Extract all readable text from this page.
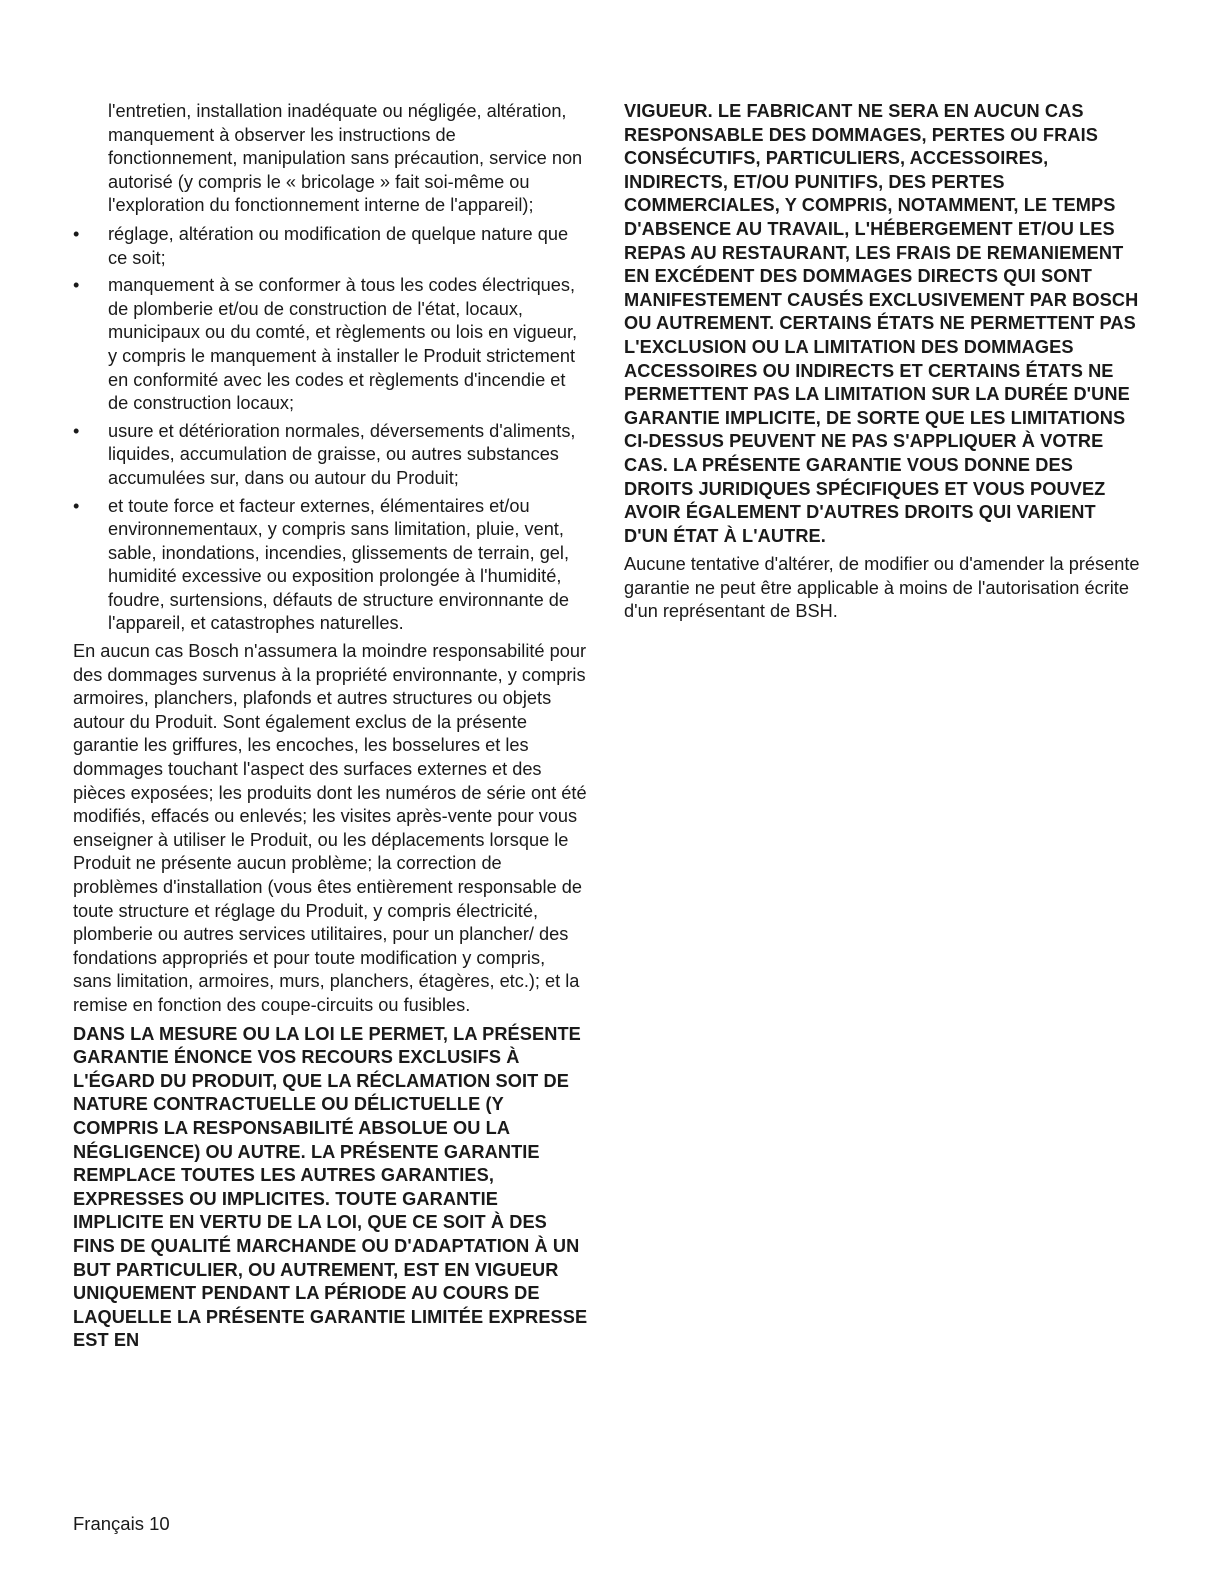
l'entretien, installation inadéquate ou négligée, altération, manquement à observer les instructions de fonctionnement, manipulation sans précaution, service non autorisé (y compris le « bricolage » fait soi-même ou l'exploration du fonctionnement interne de l'appareil);

•	réglage, altération ou modification de quelque nature que ce soit;
•	manquement à se conformer à tous les codes électriques, de plomberie et/ou de construction de l'état, locaux, municipaux ou du comté, et règlements ou lois en vigueur, y compris le manquement à installer le Produit strictement en conformité avec les codes et règlements d'incendie et de construction locaux;
•	usure et détérioration normales, déversements d'aliments, liquides, accumulation de graisse, ou autres substances accumulées sur, dans ou autour du Produit;
•	et toute force et facteur externes, élémentaires et/ou environnementaux, y compris sans limitation, pluie, vent, sable, inondations, incendies, glissements de terrain, gel, humidité excessive ou exposition prolongée à l'humidité, foudre, surtensions, défauts de structure environnante de l'appareil, et catastrophes naturelles.

En aucun cas Bosch n'assumera la moindre responsabilité pour des dommages survenus à la propriété environnante, y compris armoires, planchers, plafonds et autres structures ou objets autour du Produit. Sont également exclus de la présente garantie les griffures, les encoches, les bosselures et les dommages touchant l'aspect des surfaces externes et des pièces exposées; les produits dont les numéros de série ont été modifiés, effacés ou enlevés; les visites après-vente pour vous enseigner à utiliser le Produit, ou les déplacements lorsque le Produit ne présente aucun problème; la correction de problèmes d'installation (vous êtes entièrement responsable de toute structure et réglage du Produit, y compris électricité, plomberie ou autres services utilitaires, pour un plancher/ des fondations appropriés et pour toute modification y compris, sans limitation, armoires, murs, planchers, étagères, etc.); et la remise en fonction des coupe-circuits ou fusibles.

DANS LA MESURE OU LA LOI LE PERMET, LA PRÉSENTE GARANTIE ÉNONCE VOS RECOURS EXCLUSIFS À L'ÉGARD DU PRODUIT, QUE LA RÉCLAMATION SOIT DE NATURE CONTRACTUELLE OU DÉLICTUELLE (Y COMPRIS LA RESPONSABILITÉ ABSOLUE OU LA NÉGLIGENCE) OU AUTRE. LA PRÉSENTE GARANTIE REMPLACE TOUTES LES AUTRES GARANTIES, EXPRESSES OU IMPLICITES. TOUTE GARANTIE IMPLICITE EN VERTU DE LA LOI, QUE CE SOIT À DES FINS DE QUALITÉ MARCHANDE OU D'ADAPTATION À UN BUT PARTICULIER, OU AUTREMENT, EST EN VIGUEUR UNIQUEMENT PENDANT LA PÉRIODE AU COURS DE LAQUELLE LA PRÉSENTE GARANTIE LIMITÉE EXPRESSE EST EN

VIGUEUR. LE FABRICANT NE SERA EN AUCUN CAS RESPONSABLE DES DOMMAGES, PERTES OU FRAIS CONSÉCUTIFS, PARTICULIERS, ACCESSOIRES, INDIRECTS, ET/OU PUNITIFS, DES PERTES COMMERCIALES, Y COMPRIS, NOTAMMENT, LE TEMPS D'ABSENCE AU TRAVAIL, L'HÉBERGEMENT ET/OU LES REPAS AU RESTAURANT, LES FRAIS DE REMANIEMENT EN EXCÉDENT DES DOMMAGES DIRECTS QUI SONT MANIFESTEMENT CAUSÉS EXCLUSIVEMENT PAR BOSCH OU AUTREMENT. CERTAINS ÉTATS NE PERMETTENT PAS L'EXCLUSION OU LA LIMITATION DES DOMMAGES ACCESSOIRES OU INDIRECTS ET CERTAINS ÉTATS NE PERMETTENT PAS LA LIMITATION SUR LA DURÉE D'UNE GARANTIE IMPLICITE, DE SORTE QUE LES LIMITATIONS CI-DESSUS PEUVENT NE PAS S'APPLIQUER À VOTRE CAS. LA PRÉSENTE GARANTIE VOUS DONNE DES DROITS JURIDIQUES SPÉCIFIQUES ET VOUS POUVEZ AVOIR ÉGALEMENT D'AUTRES DROITS QUI VARIENT D'UN ÉTAT À L'AUTRE.

Aucune tentative d'altérer, de modifier ou d'amender la présente garantie ne peut être applicable à moins de l'autorisation écrite d'un représentant de BSH.

Français 10
